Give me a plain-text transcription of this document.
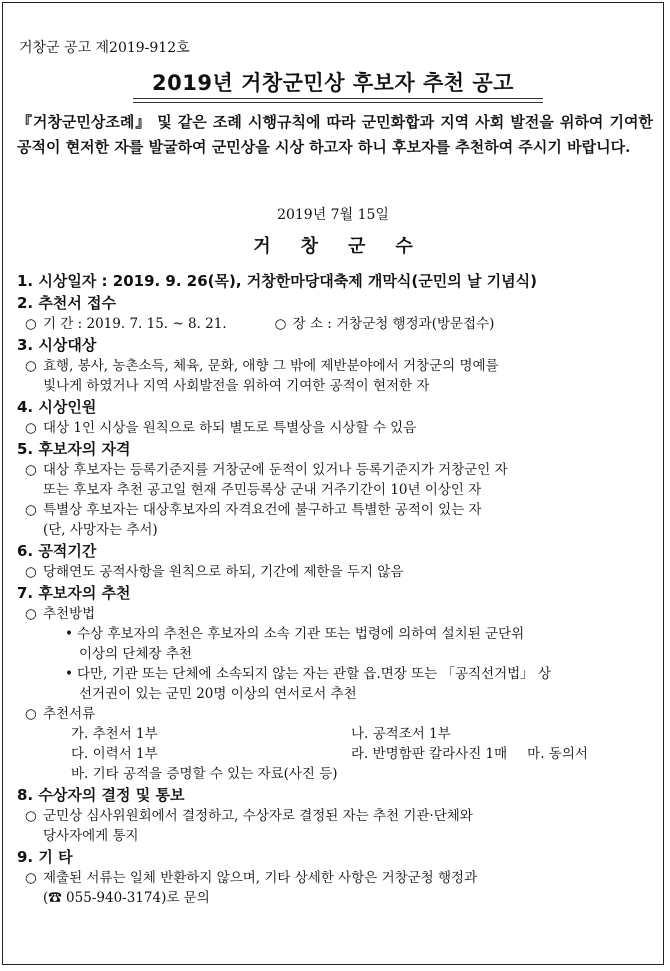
거창군 공고 제2019-912호
2019년 거창군민상 후보자 추천 공고
『거창군민상조례』 및 같은 조례 시행규칙에 따라 군민화합과 지역 사회 발전을 위하여 기여한 공적이 현저한 자를 발굴하여 군민상을 시상 하고자 하니 후보자를 추천하여 주시기 바랍니다.
2019년 7월 15일
거창군수
1. 시상일자 : 2019. 9. 26(목), 거창한마당대축제 개막식(군민의 날 기념식)
2. 추천서 접수
○ 기 간 : 2019. 7. 15. ~ 8. 21.	○ 장 소 : 거창군청 행정과(방문접수)
3. 시상대상
○ 효행, 봉사, 농촌소득, 체육, 문화, 애향 그 밖에 제반분야에서 거창군의 명예를
빛나게 하였거나 지역 사회발전을 위하여 기여한 공적이 현저한 자
4. 시상인원
○ 대상 1인 시상을 원칙으로 하되 별도로 특별상을 시상할 수 있음
5. 후보자의 자격
○ 대상 후보자는 등록기준지를 거창군에 둔적이 있거나 등록기준지가 거창군인 자
또는 후보자 추천 공고일 현재 주민등록상 군내 거주기간이 10년 이상인 자
○ 특별상 후보자는 대상후보자의 자격요건에 불구하고 특별한 공적이 있는 자
(단, 사망자는 추서)
6. 공적기간
○ 당해연도 공적사항을 원칙으로 하되, 기간에 제한을 두지 않음
7. 후보자의 추천
○ 추천방법
• 수상 후보자의 추천은 후보자의 소속 기관 또는 법령에 의하여 설치된 군단위
이상의 단체장 추천
• 다만, 기관 또는 단체에 소속되지 않는 자는 관할 읍.면장 또는 「공직선거법」 상
선거권이 있는 군민 20명 이상의 연서로서 추천
○ 추천서류
가. 추천서 1부	나. 공적조서 1부
다. 이력서 1부	라. 반명함판 칼라사진 1매 마. 동의서
바. 기타 공적을 증명할 수 있는 자료(사진 등)
8. 수상자의 결정 및 통보
○ 군민상 심사위원회에서 결정하고, 수상자로 결정된 자는 추천 기관·단체와
당사자에게 통지
9. 기 타
○ 제출된 서류는 일체 반환하지 않으며, 기타 상세한 사항은 거창군청 행정과
(☎ 055-940-3174)로 문의
